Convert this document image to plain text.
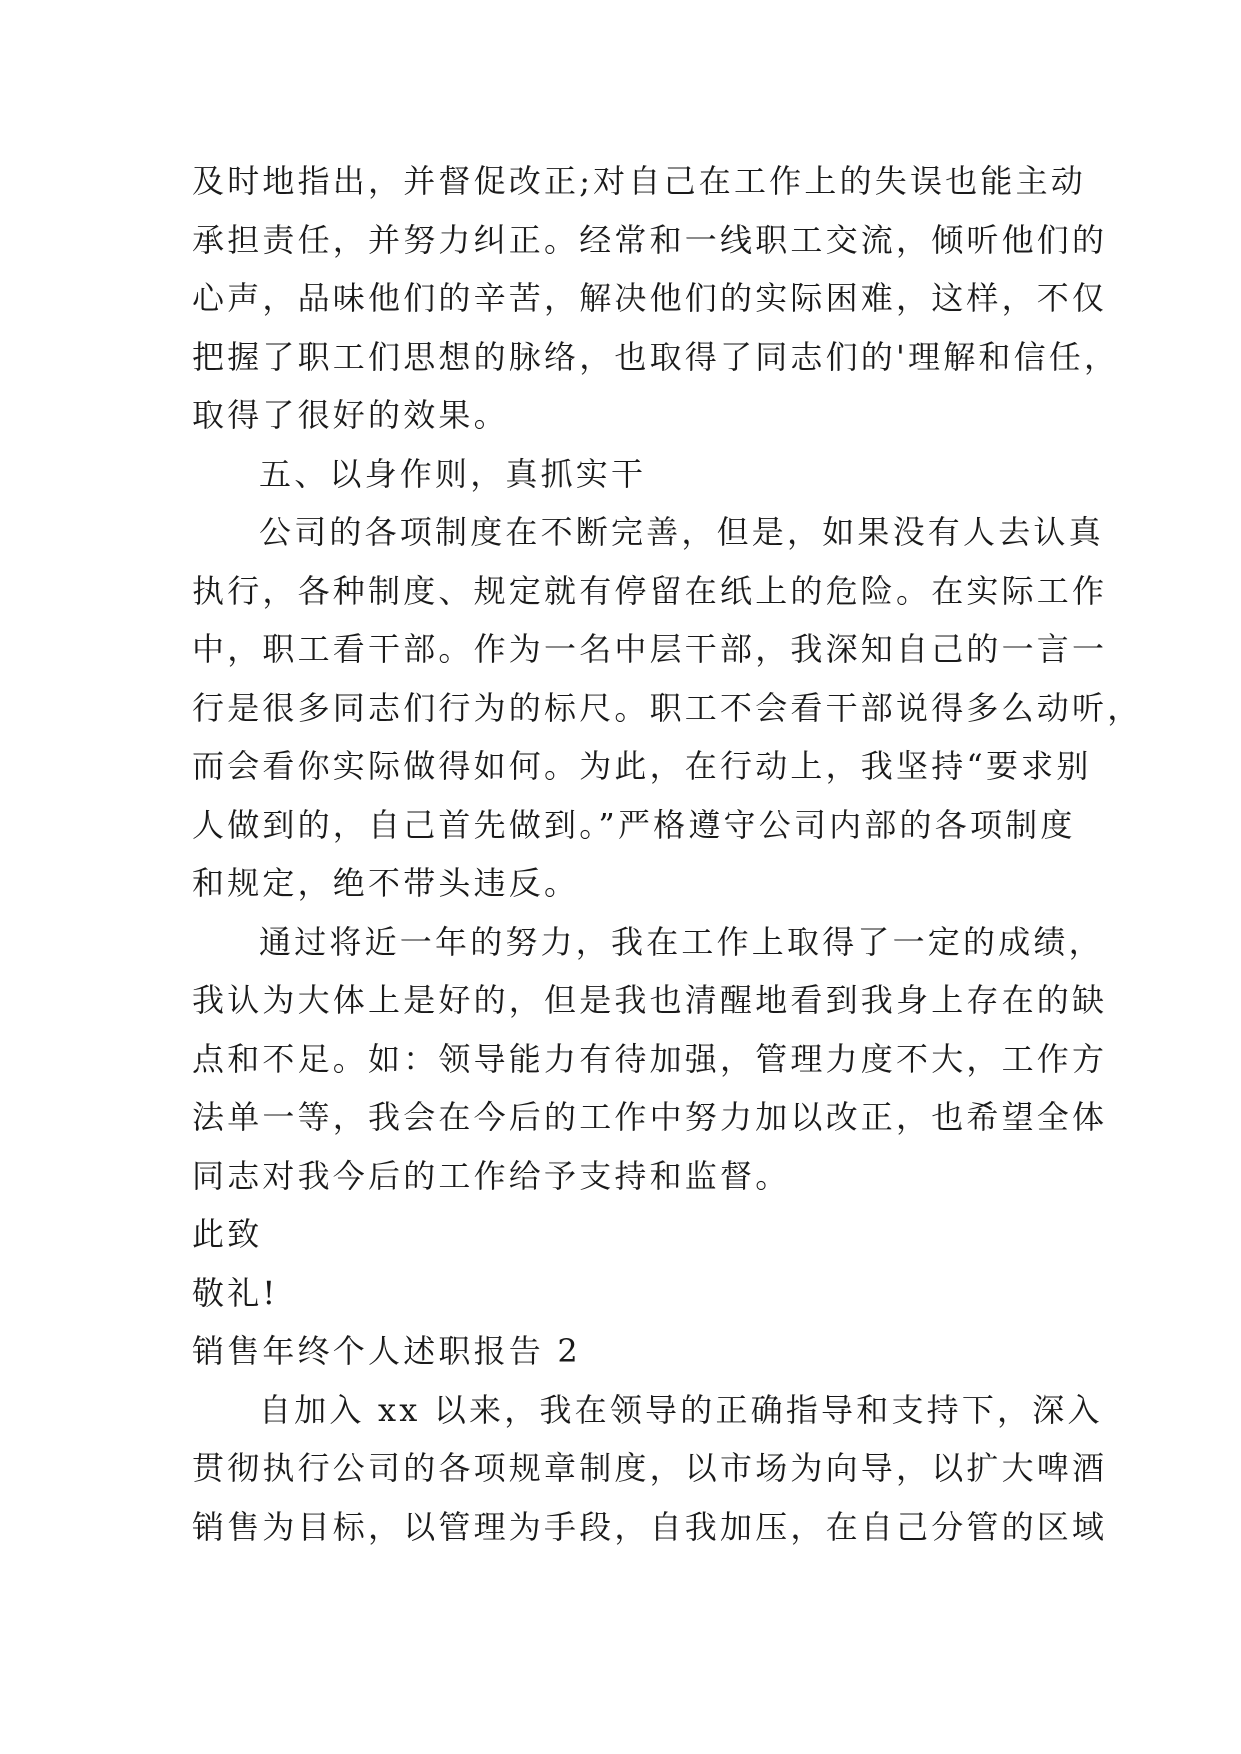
及时地指出，并督促改正;对自己在工作上的失误也能主动
承担责任，并努力纠正。经常和一线职工交流，倾听他们的
心声，品味他们的辛苦，解决他们的实际困难，这样，不仅
把握了职工们思想的脉络，也取得了同志们的'理解和信任，
取得了很好的效果。
五、以身作则，真抓实干
公司的各项制度在不断完善，但是，如果没有人去认真
执行，各种制度、规定就有停留在纸上的危险。在实际工作
中，职工看干部。作为一名中层干部，我深知自己的一言一
行是很多同志们行为的标尺。职工不会看干部说得多么动听，
而会看你实际做得如何。为此，在行动上，我坚持“要求别
人做到的，自己首先做到。”严格遵守公司内部的各项制度
和规定，绝不带头违反。
通过将近一年的努力，我在工作上取得了一定的成绩，
我认为大体上是好的，但是我也清醒地看到我身上存在的缺
点和不足。如：领导能力有待加强，管理力度不大，工作方
法单一等，我会在今后的工作中努力加以改正，也希望全体
同志对我今后的工作给予支持和监督。
此致
敬礼!
销售年终个人述职报告 2
自加入 xx 以来，我在领导的正确指导和支持下，深入
贯彻执行公司的各项规章制度，以市场为向导，以扩大啤酒
销售为目标，以管理为手段，自我加压，在自己分管的区域
